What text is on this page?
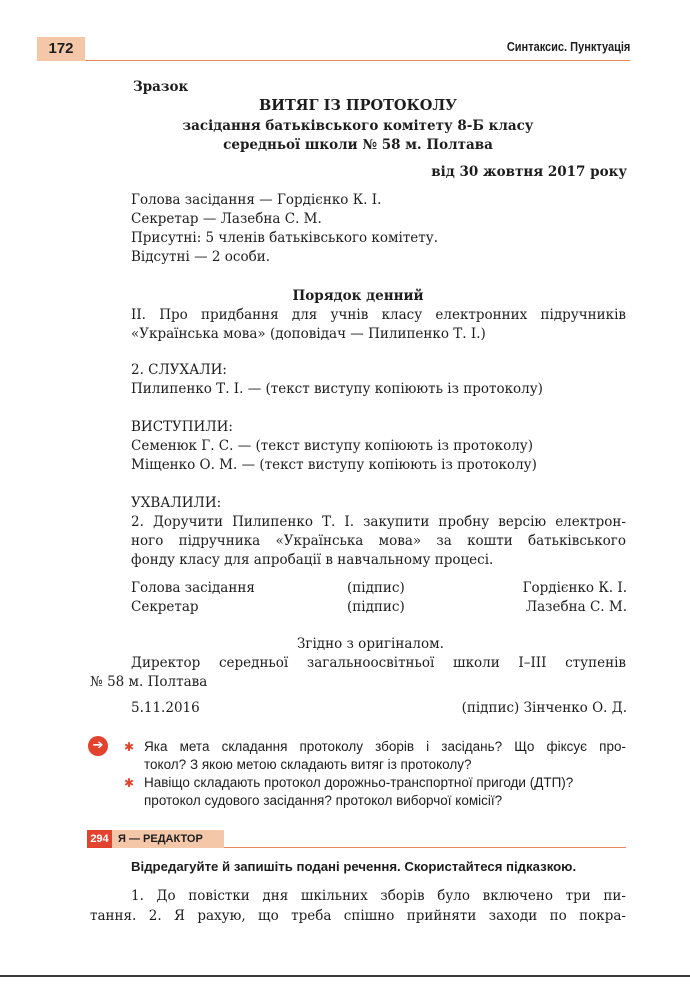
172	Синтаксис. Пунктуація
Зразок
ВИТЯГ ІЗ ПРОТОКОЛУ
засідання батьківського комітету 8-Б класу
середньої школи № 58 м. Полтава
від 30 жовтня 2017 року
Голова засідання — Гордієнко К. І.
Секретар — Лазебна С. М.
Присутні: 5 членів батьківського комітету.
Відсутні — 2 особи.
Порядок денний
ІІ. Про придбання для учнів класу електронних підручників
«Українська мова» (доповідач — Пилипенко Т. І.)
2. СЛУХАЛИ:
Пилипенко Т. І. — (текст виступу копіюють із протоколу)
ВИСТУПИЛИ:
Семенюк Г. С. — (текст виступу копіюють із протоколу)
Міщенко О. М. — (текст виступу копіюють із протоколу)
УХВАЛИЛИ:
2. Доручити Пилипенко Т. І. закупити пробну версію електрон-
ного підручника «Українська мова» за кошти батьківського
фонду класу для апробації в навчальному процесі.
Голова засідання	(підпис)	Гордієнко К. І.
Секретар	(підпис)	Лазебна С. М.
Згідно з оригіналом.
Директор середньої загальноосвітньої школи І–ІІІ ступенів
№ 58 м. Полтава
5.11.2016	(підпис) Зінченко О. Д.
➔	✱ Яка мета складання протоколу зборів і засідань? Що фіксує про-
токол? З якою метою складають витяг із протоколу?
✱ Навіщо складають протокол дорожньо-транспортної пригоди (ДТП)?
протокол судового засідання? протокол виборчої комісії?
294 Я — РЕДАКТОР
Відредагуйте й запишіть подані речення. Скористайтеся підказкою.
1. До повістки дня шкільних зборів було включено три пи-
тання. 2. Я рахую, що треба спішно прийняти заходи по покра-
